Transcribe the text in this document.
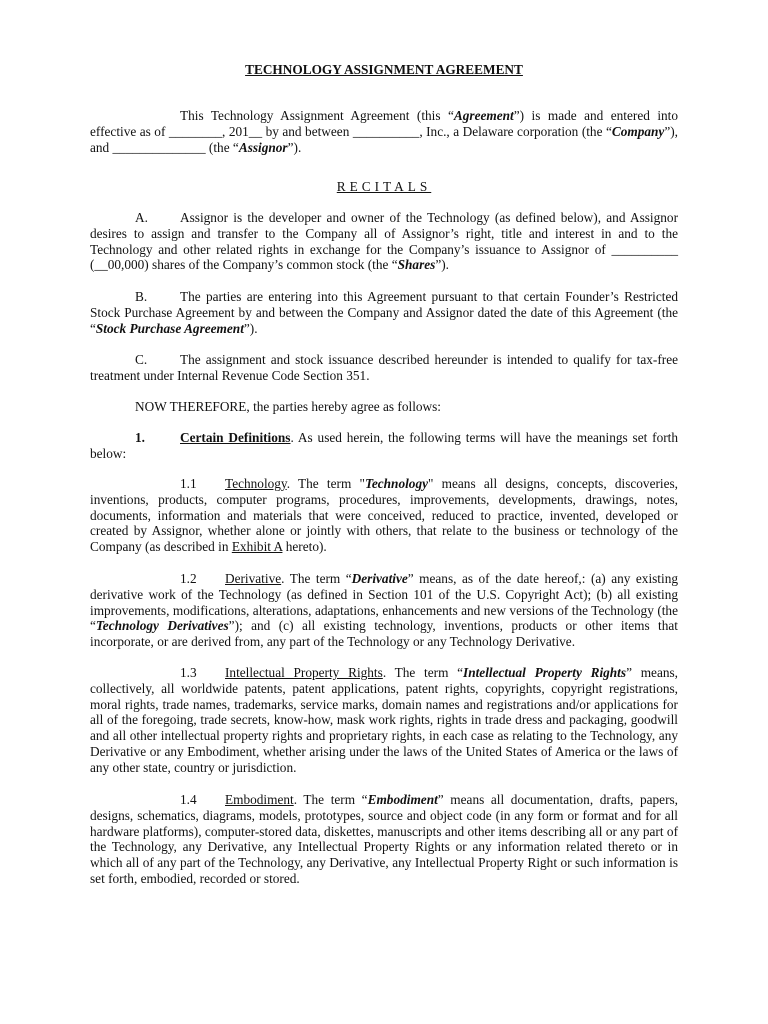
TECHNOLOGY ASSIGNMENT AGREEMENT

This Technology Assignment Agreement (this “Agreement”) is made and entered into effective as of ________, 201__ by and between __________, Inc., a Delaware corporation (the “Company”), and ______________ (the “Assignor”).

RECITALS

A. Assignor is the developer and owner of the Technology (as defined below), and Assignor desires to assign and transfer to the Company all of Assignor’s right, title and interest in and to the Technology and other related rights in exchange for the Company’s issuance to Assignor of __________ (__00,000) shares of the Company’s common stock (the “Shares”).

B. The parties are entering into this Agreement pursuant to that certain Founder’s Restricted Stock Purchase Agreement by and between the Company and Assignor dated the date of this Agreement (the “Stock Purchase Agreement”).

C. The assignment and stock issuance described hereunder is intended to qualify for tax-free treatment under Internal Revenue Code Section 351.

NOW THEREFORE, the parties hereby agree as follows:

1.	Certain Definitions. As used herein, the following terms will have the meanings set forth below:

1.1 Technology. The term "Technology" means all designs, concepts, discoveries, inventions, products, computer programs, procedures, improvements, developments, drawings, notes, documents, information and materials that were conceived, reduced to practice, invented, developed or created by Assignor, whether alone or jointly with others, that relate to the business or technology of the Company (as described in Exhibit A hereto).

1.2 Derivative. The term “Derivative” means, as of the date hereof,: (a) any existing derivative work of the Technology (as defined in Section 101 of the U.S. Copyright Act); (b) all existing improvements, modifications, alterations, adaptations, enhancements and new versions of the Technology (the “Technology Derivatives”); and (c) all existing technology, inventions, products or other items that incorporate, or are derived from, any part of the Technology or any Technology Derivative.

1.3 Intellectual Property Rights. The term “Intellectual Property Rights” means, collectively, all worldwide patents, patent applications, patent rights, copyrights, copyright registrations, moral rights, trade names, trademarks, service marks, domain names and registrations and/or applications for all of the foregoing, trade secrets, know-how, mask work rights, rights in trade dress and packaging, goodwill and all other intellectual property rights and proprietary rights, in each case as relating to the Technology, any Derivative or any Embodiment, whether arising under the laws of the United States of America or the laws of any other state, country or jurisdiction.

1.4 Embodiment. The term “Embodiment” means all documentation, drafts, papers, designs, schematics, diagrams, models, prototypes, source and object code (in any form or format and for all hardware platforms), computer-stored data, diskettes, manuscripts and other items describing all or any part of the Technology, any Derivative, any Intellectual Property Rights or any information related thereto or in which all of any part of the Technology, any Derivative, any Intellectual Property Right or such information is set forth, embodied, recorded or stored.
